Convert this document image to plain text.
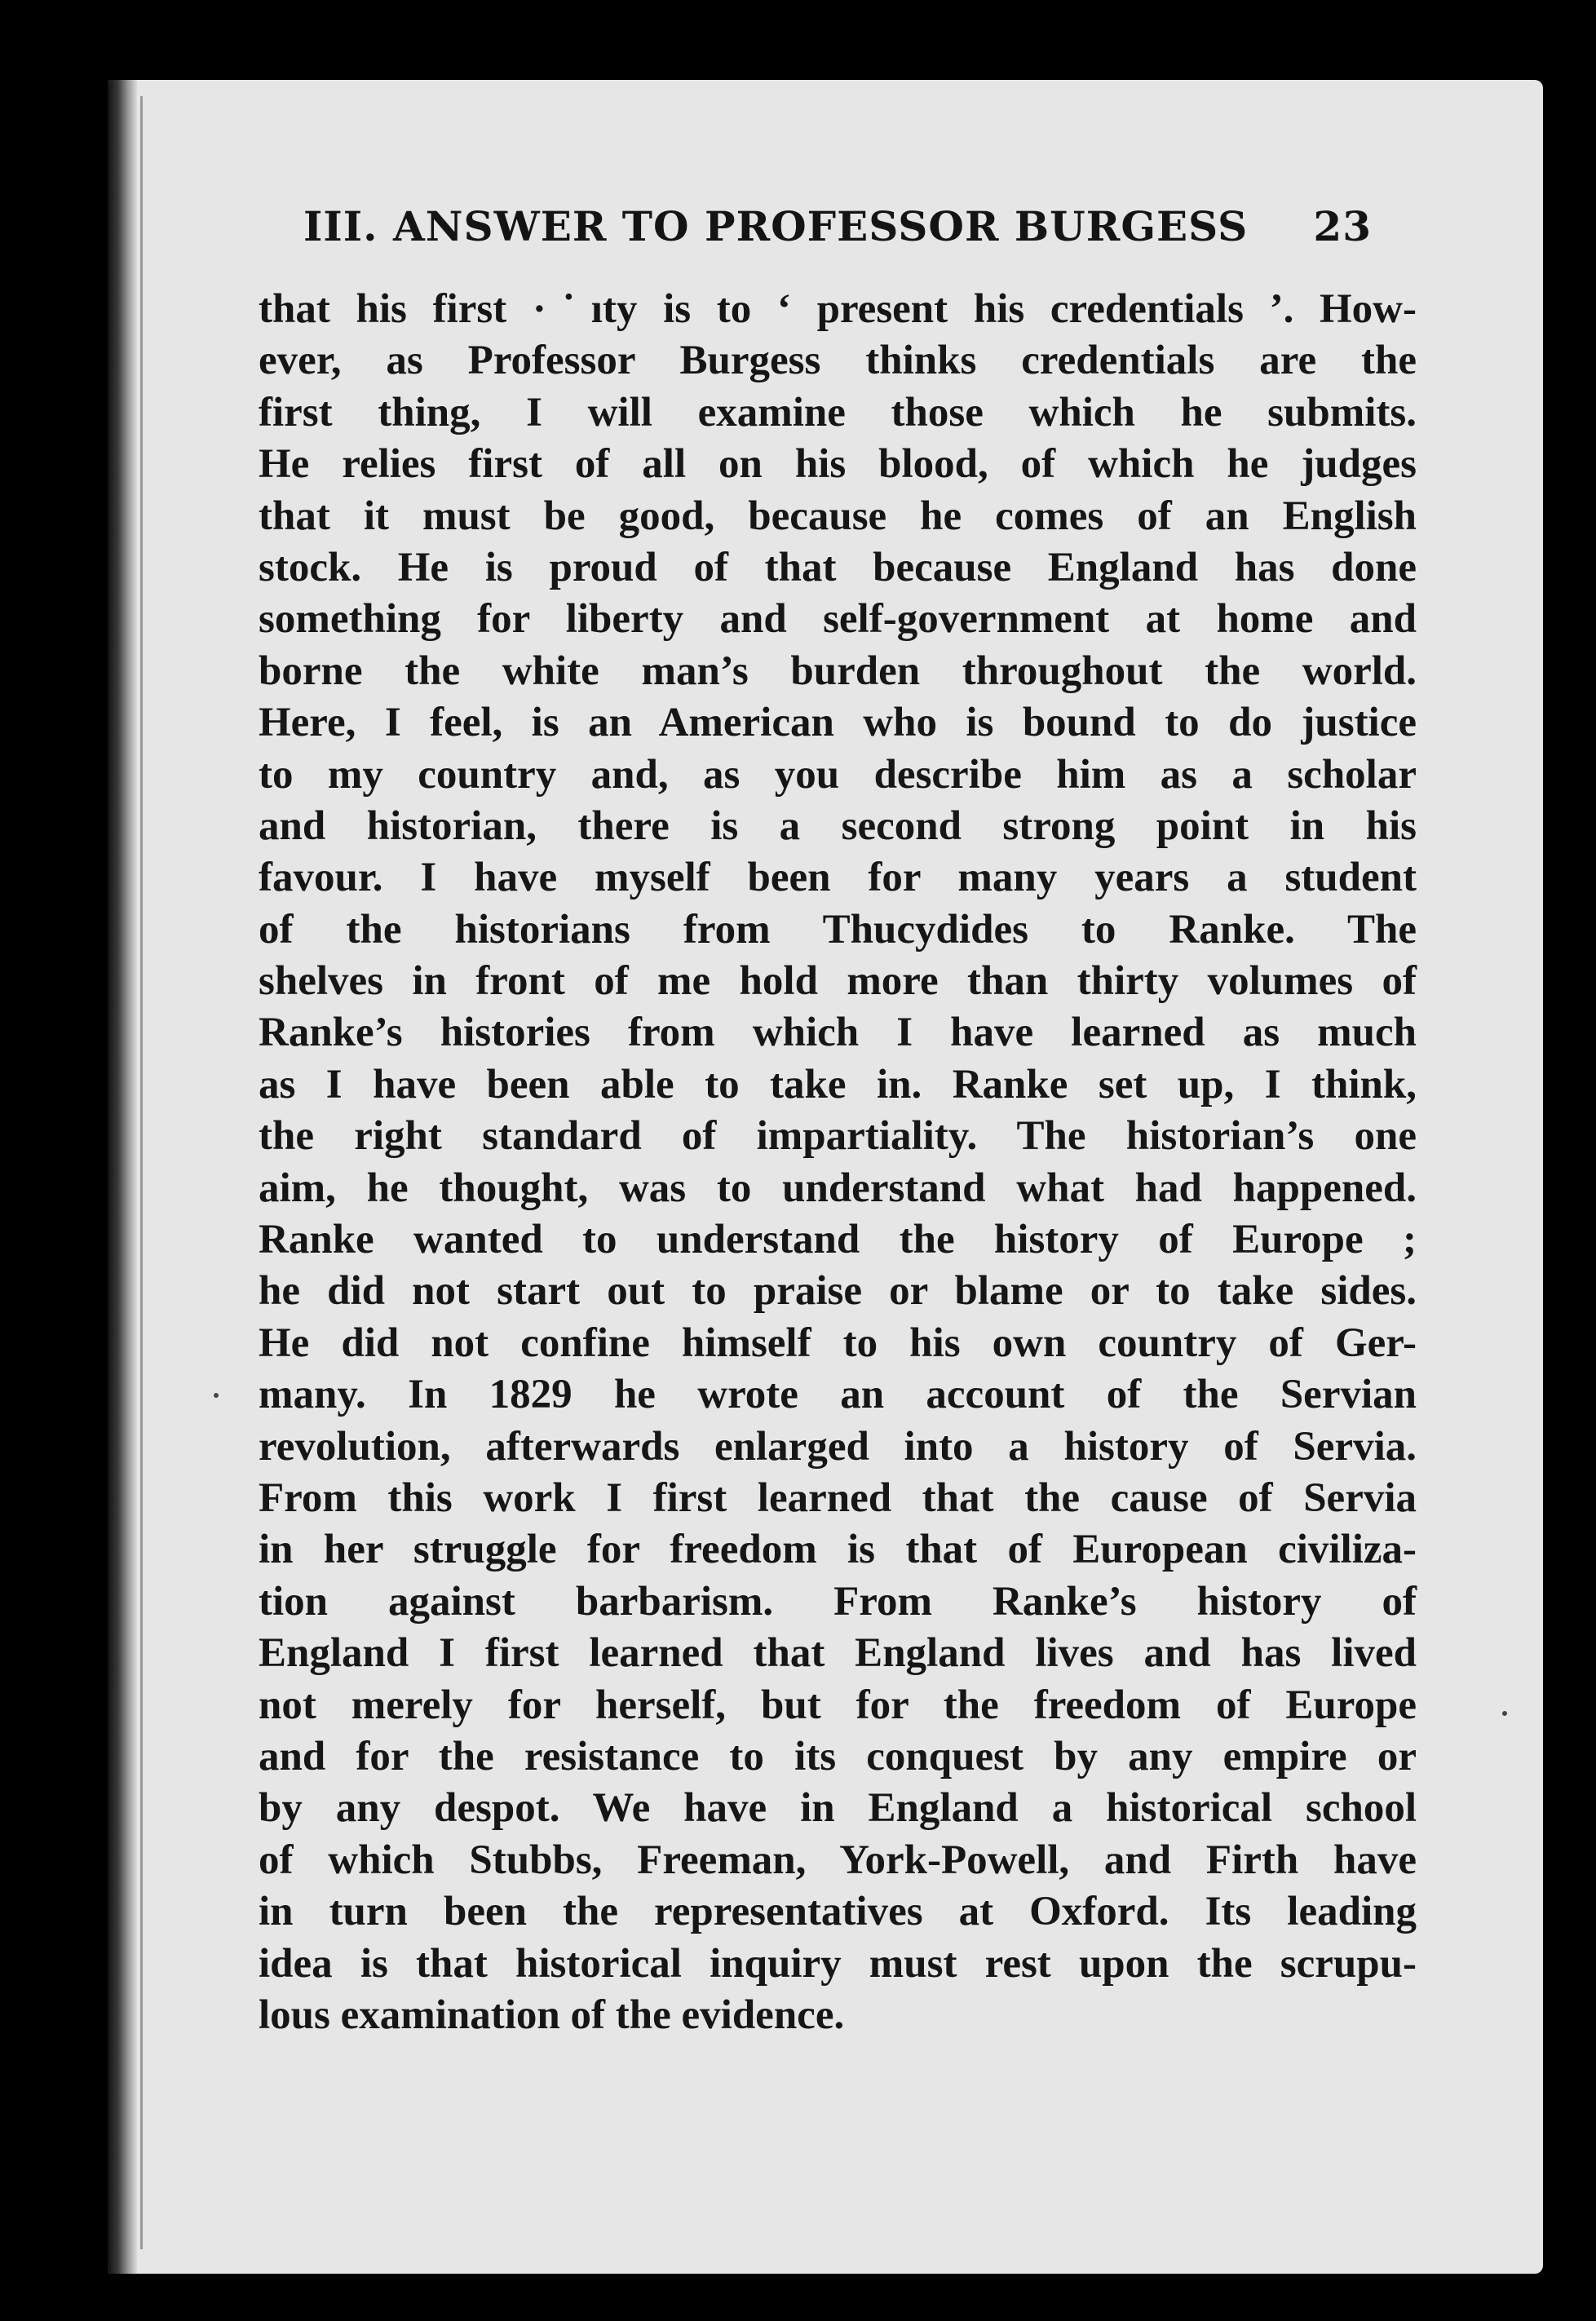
III. ANSWER TO PROFESSOR BURGESS 23
that his first ·˙ıty is to ‘ present his credentials ’. How-
ever, as Professor Burgess thinks credentials are the
first thing, I will examine those which he submits.
He relies first of all on his blood, of which he judges
that it must be good, because he comes of an English
stock. He is proud of that because England has done
something for liberty and self-government at home and
borne the white man’s burden throughout the world.
Here, I feel, is an American who is bound to do justice
to my country and, as you describe him as a scholar
and historian, there is a second strong point in his
favour. I have myself been for many years a student
of the historians from Thucydides to Ranke. The
shelves in front of me hold more than thirty volumes of
Ranke’s histories from which I have learned as much
as I have been able to take in. Ranke set up, I think,
the right standard of impartiality. The historian’s one
aim, he thought, was to understand what had happened.
Ranke wanted to understand the history of Europe ;
he did not start out to praise or blame or to take sides.
He did not confine himself to his own country of Ger-
many. In 1829 he wrote an account of the Servian
revolution, afterwards enlarged into a history of Servia.
From this work I first learned that the cause of Servia
in her struggle for freedom is that of European civiliza-
tion against barbarism. From Ranke’s history of
England I first learned that England lives and has lived
not merely for herself, but for the freedom of Europe
and for the resistance to its conquest by any empire or
by any despot. We have in England a historical school
of which Stubbs, Freeman, York-Powell, and Firth have
in turn been the representatives at Oxford. Its leading
idea is that historical inquiry must rest upon the scrupu-
lous examination of the evidence.
